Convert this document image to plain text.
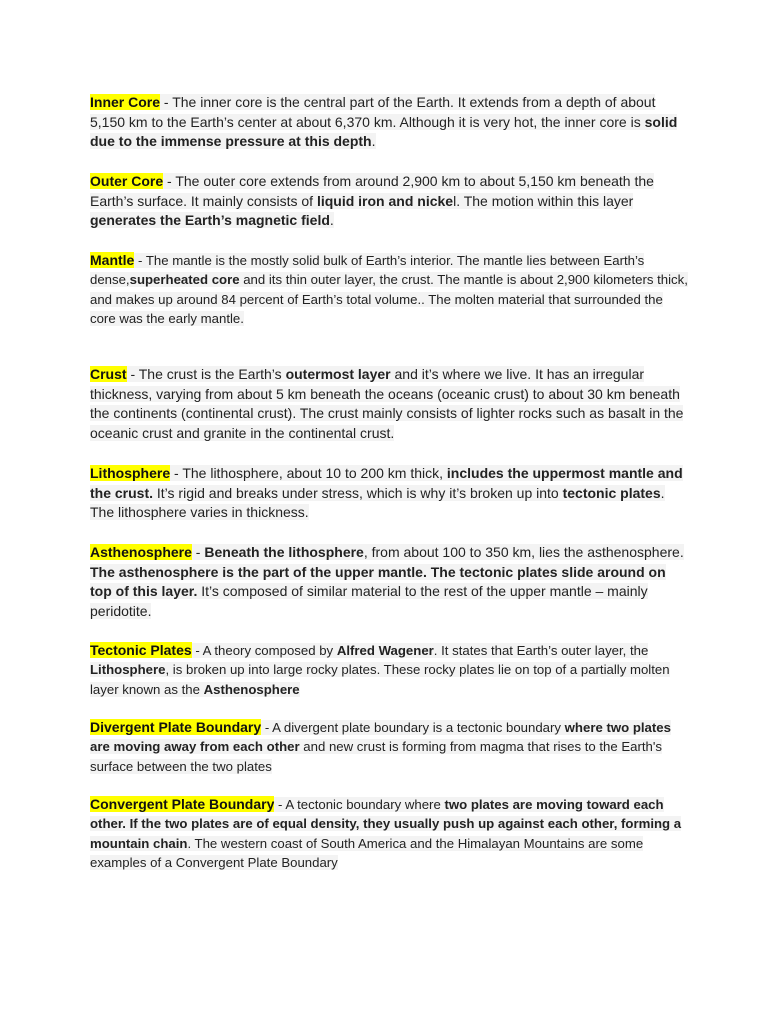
Inner Core - The inner core is the central part of the Earth. It extends from a depth of about 5,150 km to the Earth’s center at about 6,370 km. Although it is very hot, the inner core is solid due to the immense pressure at this depth.

Outer Core - The outer core extends from around 2,900 km to about 5,150 km beneath the Earth’s surface. It mainly consists of liquid iron and nickel. The motion within this layer generates the Earth’s magnetic field.

Mantle - The mantle is the mostly solid bulk of Earth’s interior. The mantle lies between Earth’s dense,superheated core and its thin outer layer, the crust. The mantle is about 2,900 kilometers thick, and makes up around 84 percent of Earth’s total volume.. The molten material that surrounded the core was the early mantle.

Crust - The crust is the Earth’s outermost layer and it’s where we live. It has an irregular thickness, varying from about 5 km beneath the oceans (oceanic crust) to about 30 km beneath the continents (continental crust). The crust mainly consists of lighter rocks such as basalt in the oceanic crust and granite in the continental crust.

Lithosphere - The lithosphere, about 10 to 200 km thick, includes the uppermost mantle and the crust. It’s rigid and breaks under stress, which is why it’s broken up into tectonic plates. The lithosphere varies in thickness.

Asthenosphere - Beneath the lithosphere, from about 100 to 350 km, lies the asthenosphere. The asthenosphere is the part of the upper mantle. The tectonic plates slide around on top of this layer. It’s composed of similar material to the rest of the upper mantle – mainly peridotite.

Tectonic Plates - A theory composed by Alfred Wagener. It states that Earth’s outer layer, the Lithosphere, is broken up into large rocky plates. These rocky plates lie on top of a partially molten layer known as the Asthenosphere

Divergent Plate Boundary - A divergent plate boundary is a tectonic boundary where two plates are moving away from each other and new crust is forming from magma that rises to the Earth's surface between the two plates

Convergent Plate Boundary - A tectonic boundary where two plates are moving toward each other. If the two plates are of equal density, they usually push up against each other, forming a mountain chain. The western coast of South America and the Himalayan Mountains are some examples of a Convergent Plate Boundary
